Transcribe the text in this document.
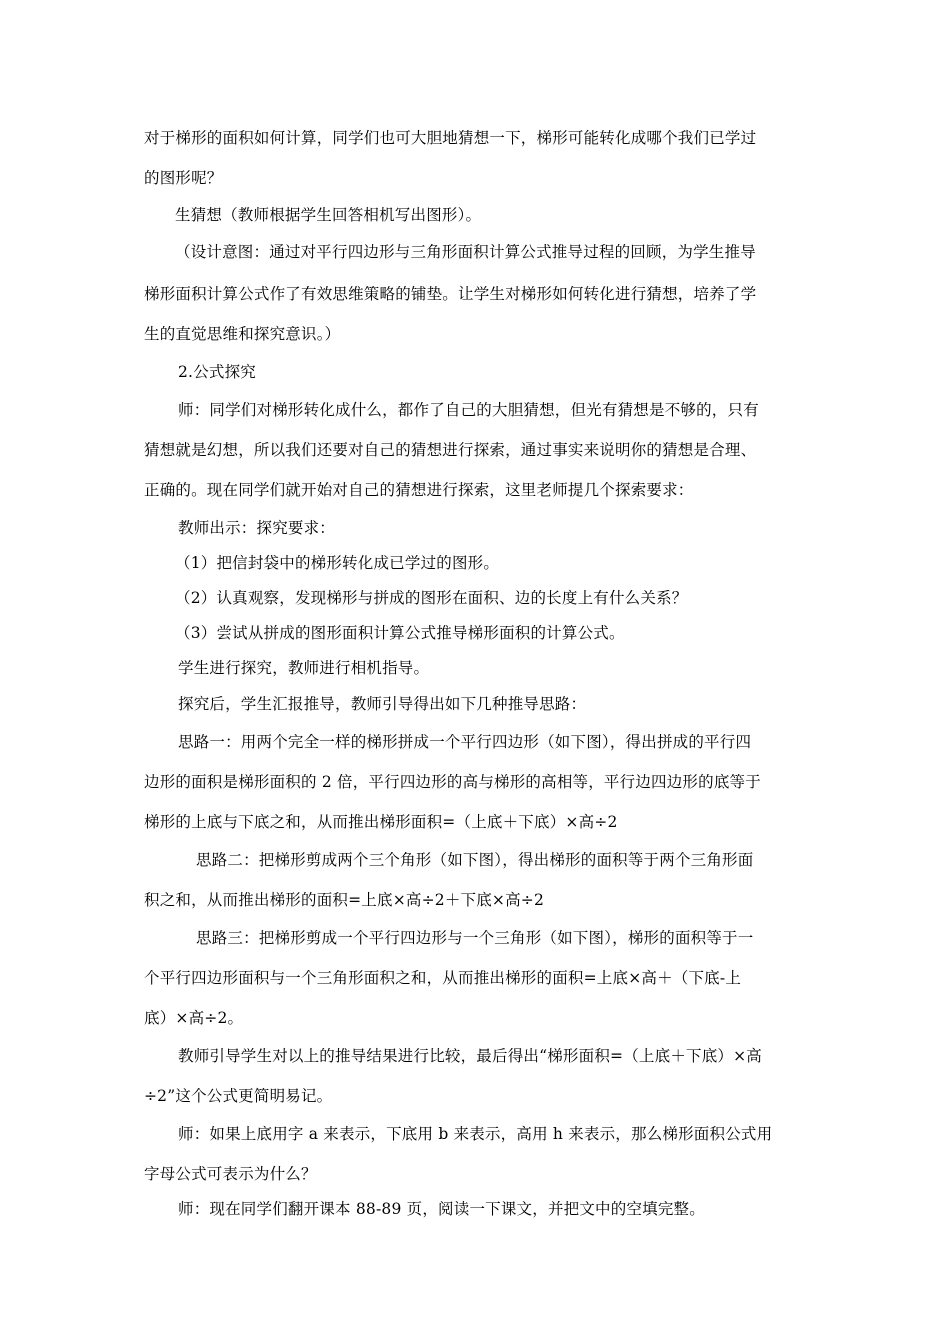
对于梯形的面积如何计算，同学们也可大胆地猜想一下，梯形可能转化成哪个我们已学过
的图形呢？
生猜想（教师根据学生回答相机写出图形）。
（设计意图：通过对平行四边形与三角形面积计算公式推导过程的回顾，为学生推导
梯形面积计算公式作了有效思维策略的铺垫。让学生对梯形如何转化进行猜想，培养了学
生的直觉思维和探究意识。）
2.公式探究
师：同学们对梯形转化成什么，都作了自己的大胆猜想，但光有猜想是不够的，只有
猜想就是幻想，所以我们还要对自己的猜想进行探索，通过事实来说明你的猜想是合理、
正确的。现在同学们就开始对自己的猜想进行探索，这里老师提几个探索要求：
教师出示：探究要求：
（1）把信封袋中的梯形转化成已学过的图形。
（2）认真观察，发现梯形与拼成的图形在面积、边的长度上有什么关系？
（3）尝试从拼成的图形面积计算公式推导梯形面积的计算公式。
学生进行探究，教师进行相机指导。
探究后，学生汇报推导，教师引导得出如下几种推导思路：
思路一：用两个完全一样的梯形拼成一个平行四边形（如下图），得出拼成的平行四
边形的面积是梯形面积的 2 倍，平行四边形的高与梯形的高相等，平行边四边形的底等于
梯形的上底与下底之和，从而推出梯形面积=（上底＋下底）×高÷2
思路二：把梯形剪成两个三个角形（如下图），得出梯形的面积等于两个三角形面
积之和，从而推出梯形的面积=上底×高÷2＋下底×高÷2
思路三：把梯形剪成一个平行四边形与一个三角形（如下图），梯形的面积等于一
个平行四边形面积与一个三角形面积之和，从而推出梯形的面积=上底×高＋（下底-上
底）×高÷2。
教师引导学生对以上的推导结果进行比较，最后得出“梯形面积=（上底＋下底）×高
÷2”这个公式更简明易记。
师：如果上底用字 a 来表示，下底用 b 来表示，高用 h 来表示，那么梯形面积公式用
字母公式可表示为什么？
师：现在同学们翻开课本 88-89 页，阅读一下课文，并把文中的空填完整。
